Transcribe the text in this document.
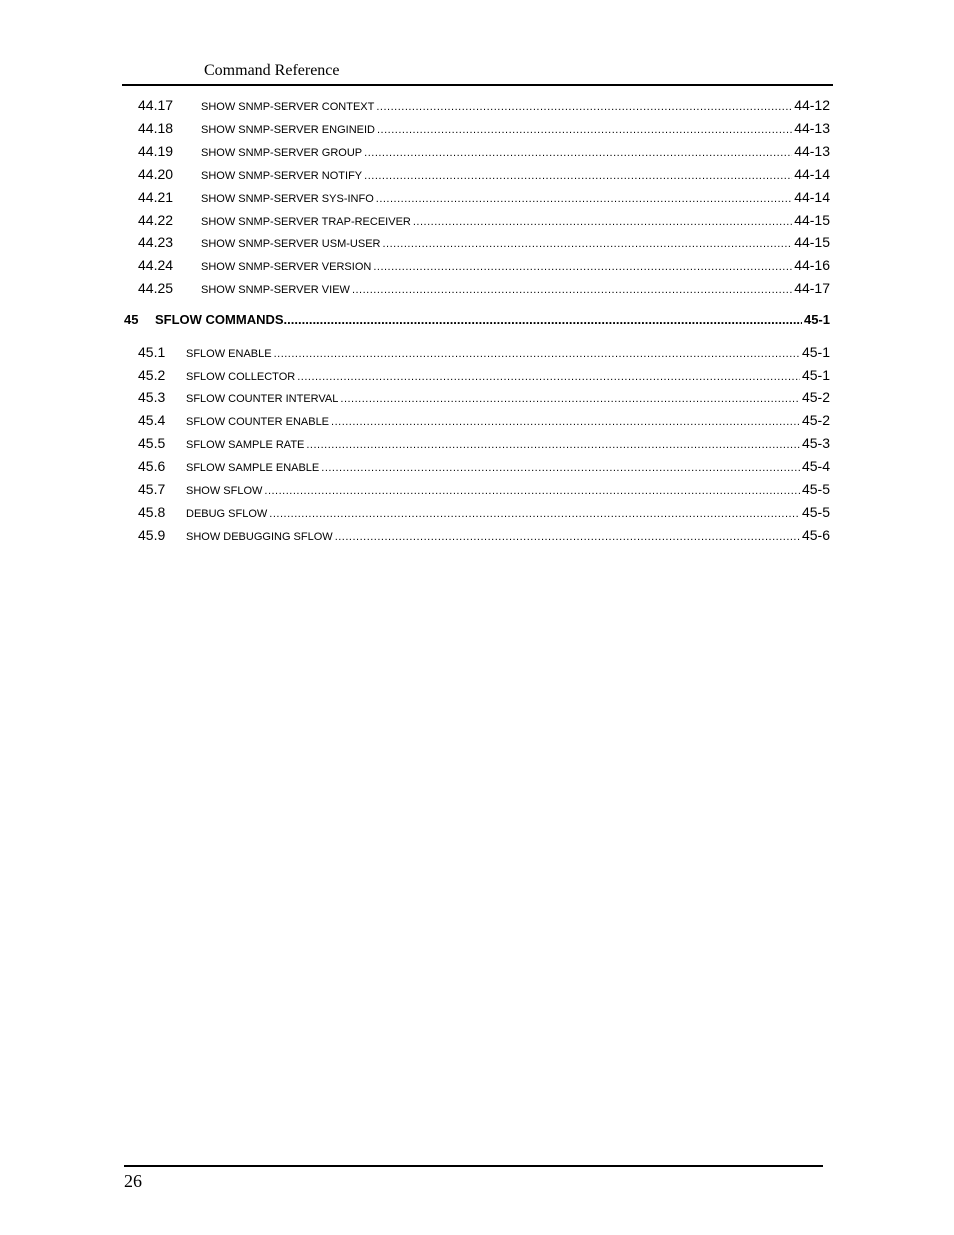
Command Reference
44.17	SHOW SNMP-SERVER CONTEXT .....	44-12
44.18	SHOW SNMP-SERVER ENGINEID .....	44-13
44.19	SHOW SNMP-SERVER GROUP .....	44-13
44.20	SHOW SNMP-SERVER NOTIFY .....	44-14
44.21	SHOW SNMP-SERVER SYS-INFO .....	44-14
44.22	SHOW SNMP-SERVER TRAP-RECEIVER .....	44-15
44.23	SHOW SNMP-SERVER USM-USER .....	44-15
44.24	SHOW SNMP-SERVER VERSION .....	44-16
44.25	SHOW SNMP-SERVER VIEW .....	44-17
45	SFLOW COMMANDS .....	45-1
45.1	SFLOW ENABLE .....	45-1
45.2	SFLOW COLLECTOR .....	45-1
45.3	SFLOW COUNTER INTERVAL .....	45-2
45.4	SFLOW COUNTER ENABLE .....	45-2
45.5	SFLOW SAMPLE RATE .....	45-3
45.6	SFLOW SAMPLE ENABLE .....	45-4
45.7	SHOW SFLOW .....	45-5
45.8	DEBUG SFLOW .....	45-5
45.9	SHOW DEBUGGING SFLOW .....	45-6
26
